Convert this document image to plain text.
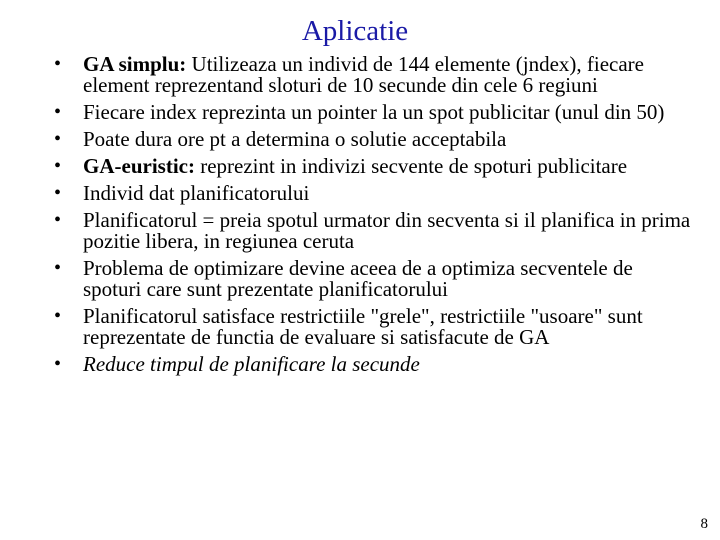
Aplicatie
• GA simplu: Utilizeaza un individ de 144 elemente (jndex), fiecare element reprezentand sloturi de 10 secunde din cele 6 regiuni
• Fiecare index reprezinta un pointer la un spot publicitar (unul din 50)
• Poate dura ore pt a determina o solutie acceptabila
• GA-euristic: reprezint in indivizi secvente de spoturi publicitare
• Individ dat planificatorului
• Planificatorul = preia spotul urmator din secventa si il planifica in prima pozitie libera, in regiunea ceruta
• Problema de optimizare devine aceea de a optimiza secventele de spoturi care sunt prezentate planificatorului
• Planificatorul satisface restrictiile "grele", restrictiile "usoare" sunt reprezentate de functia de evaluare si satisfacute de GA
• Reduce timpul de planificare la secunde
8
